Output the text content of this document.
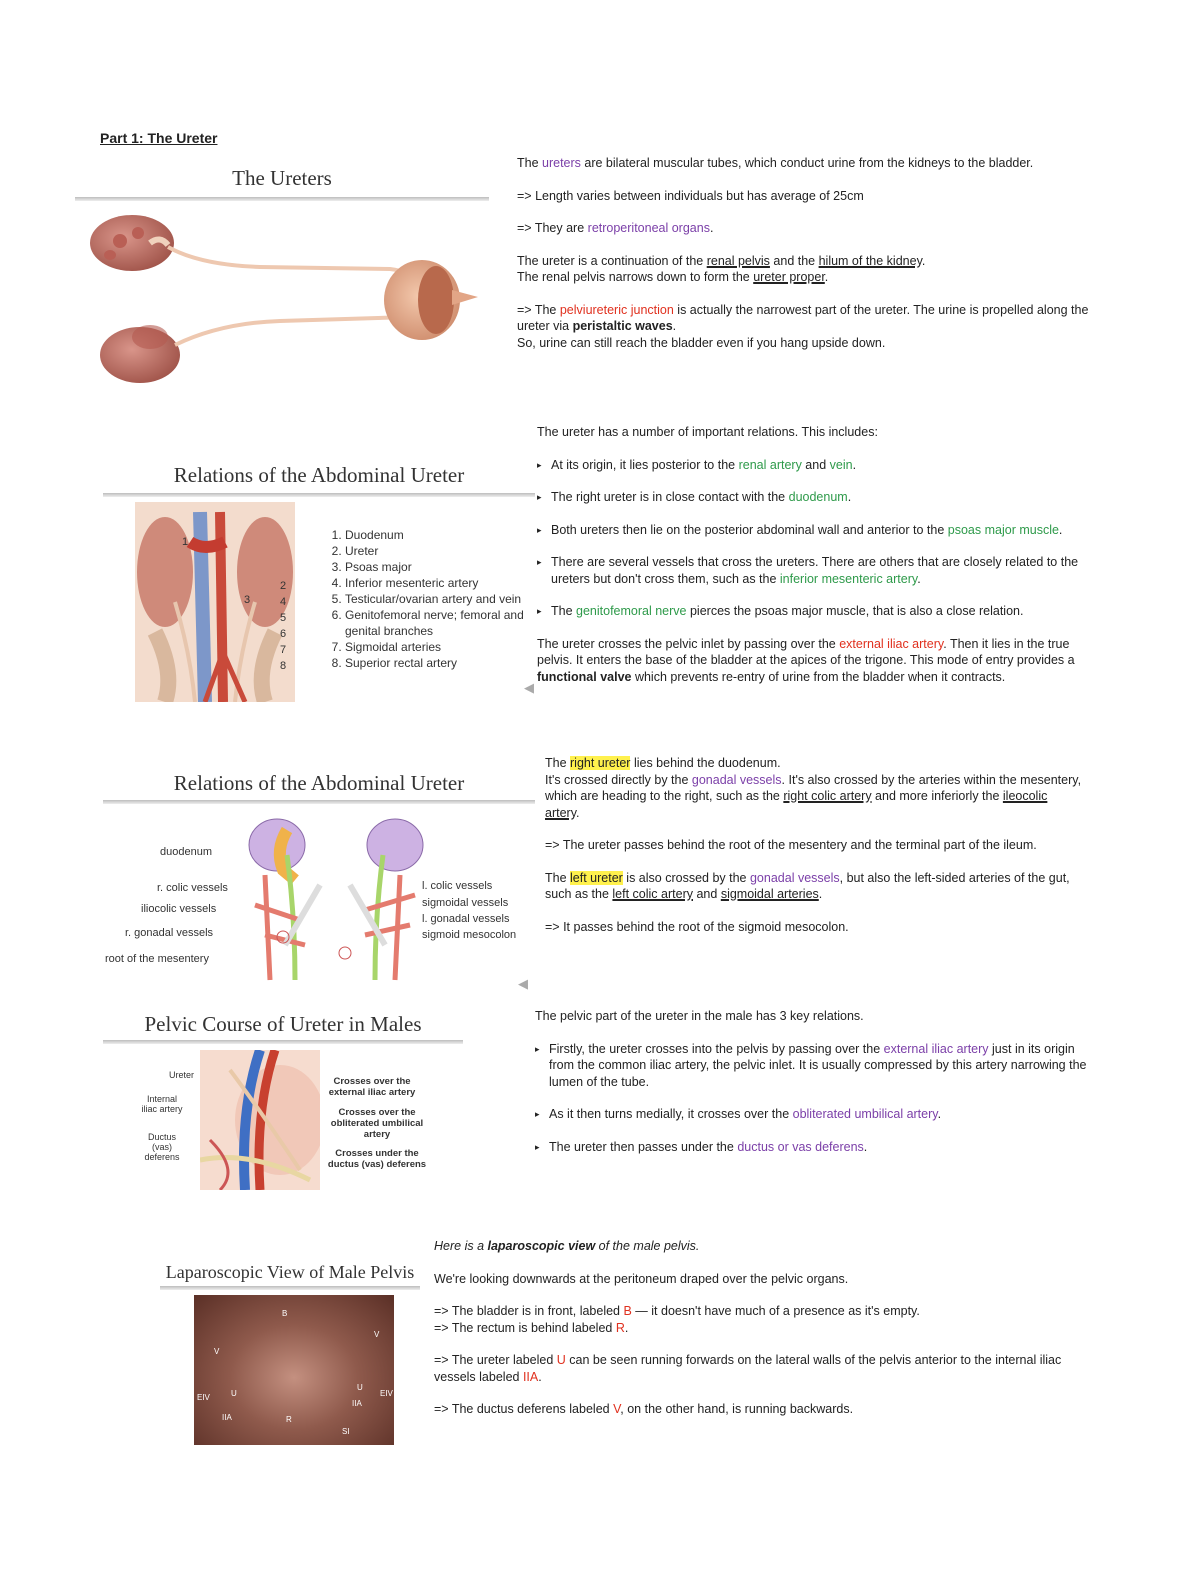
Part 1: The Ureter
The Ureters

The ureters are bilateral muscular tubes, which conduct urine from the kidneys to the bladder.

=> Length varies between individuals but has average of 25cm

=> They are retroperitoneal organs.

The ureter is a continuation of the renal pelvis and the hilum of the kidney.
The renal pelvis narrows down to form the ureter proper.

=> The pelviureteric junction is actually the narrowest part of the ureter. The urine is propelled along the ureter via peristaltic waves.
So, urine can still reach the bladder even if you hang upside down.

Relations of the Abdominal Ureter
2
4
5
6
7
8
1
3
1. Duodenum
2. Ureter
3. Psoas major
4. Inferior mesenteric artery
5. Testicular/ovarian artery and vein
6. Genitofemoral nerve; femoral and genital branches
7. Sigmoidal arteries
8. Superior rectal artery
◀

The ureter has a number of important relations. This includes:

▸ At its origin, it lies posterior to the renal artery and vein.
▸ The right ureter is in close contact with the duodenum.
▸ Both ureters then lie on the posterior abdominal wall and anterior to the psoas major muscle.
▸ There are several vessels that cross the ureters. There are others that are closely related to the ureters but don't cross them, such as the inferior mesenteric artery.
▸ The genitofemoral nerve pierces the psoas major muscle, that is also a close relation.

The ureter crosses the pelvic inlet by passing over the external iliac artery. Then it lies in the true pelvis. It enters the base of the bladder at the apices of the trigone. This mode of entry provides a functional valve which prevents re-entry of urine from the bladder when it contracts.

Relations of the Abdominal Ureter
duodenum
r. colic vessels
iliocolic vessels
r. gonadal vessels
root of the mesentery
l. colic vessels
sigmoidal vessels
l. gonadal vessels
sigmoid mesocolon
◀

The right ureter lies behind the duodenum.
It's crossed directly by the gonadal vessels. It's also crossed by the arteries within the mesentery, which are heading to the right, such as the right colic artery and more inferiorly the ileocolic artery.

=> The ureter passes behind the root of the mesentery and the terminal part of the ileum.

The left ureter is also crossed by the gonadal vessels, but also the left-sided arteries of the gut, such as the left colic artery and sigmoidal arteries.

=> It passes behind the root of the sigmoid mesocolon.

Pelvic Course of Ureter in Males
Ureter
Internal iliac artery
Ductus (vas) deferens
Crosses over the external iliac artery
Crosses over the obliterated umbilical artery
Crosses under the ductus (vas) deferens

The pelvic part of the ureter in the male has 3 key relations.

▸ Firstly, the ureter crosses into the pelvis by passing over the external iliac artery just in its origin from the common iliac artery, the pelvic inlet. It is usually compressed by this artery narrowing the lumen of the tube.
▸ As it then turns medially, it crosses over the obliterated umbilical artery.
▸ The ureter then passes under the ductus or vas deferens.
Laparoscopic View of Male Pelvis
B
V
U
EIV
IIA	R
IIA
U
EIV
SI
V

Here is a laparoscopic view of the male pelvis.

We're looking downwards at the peritoneum draped over the pelvic organs.

=> The bladder is in front, labeled B — it doesn't have much of a presence as it's empty.
=> The rectum is behind labeled R.

=> The ureter labeled U can be seen running forwards on the lateral walls of the pelvis anterior to the internal iliac vessels labeled IIA.

=> The ductus deferens labeled V, on the other hand, is running backwards.
